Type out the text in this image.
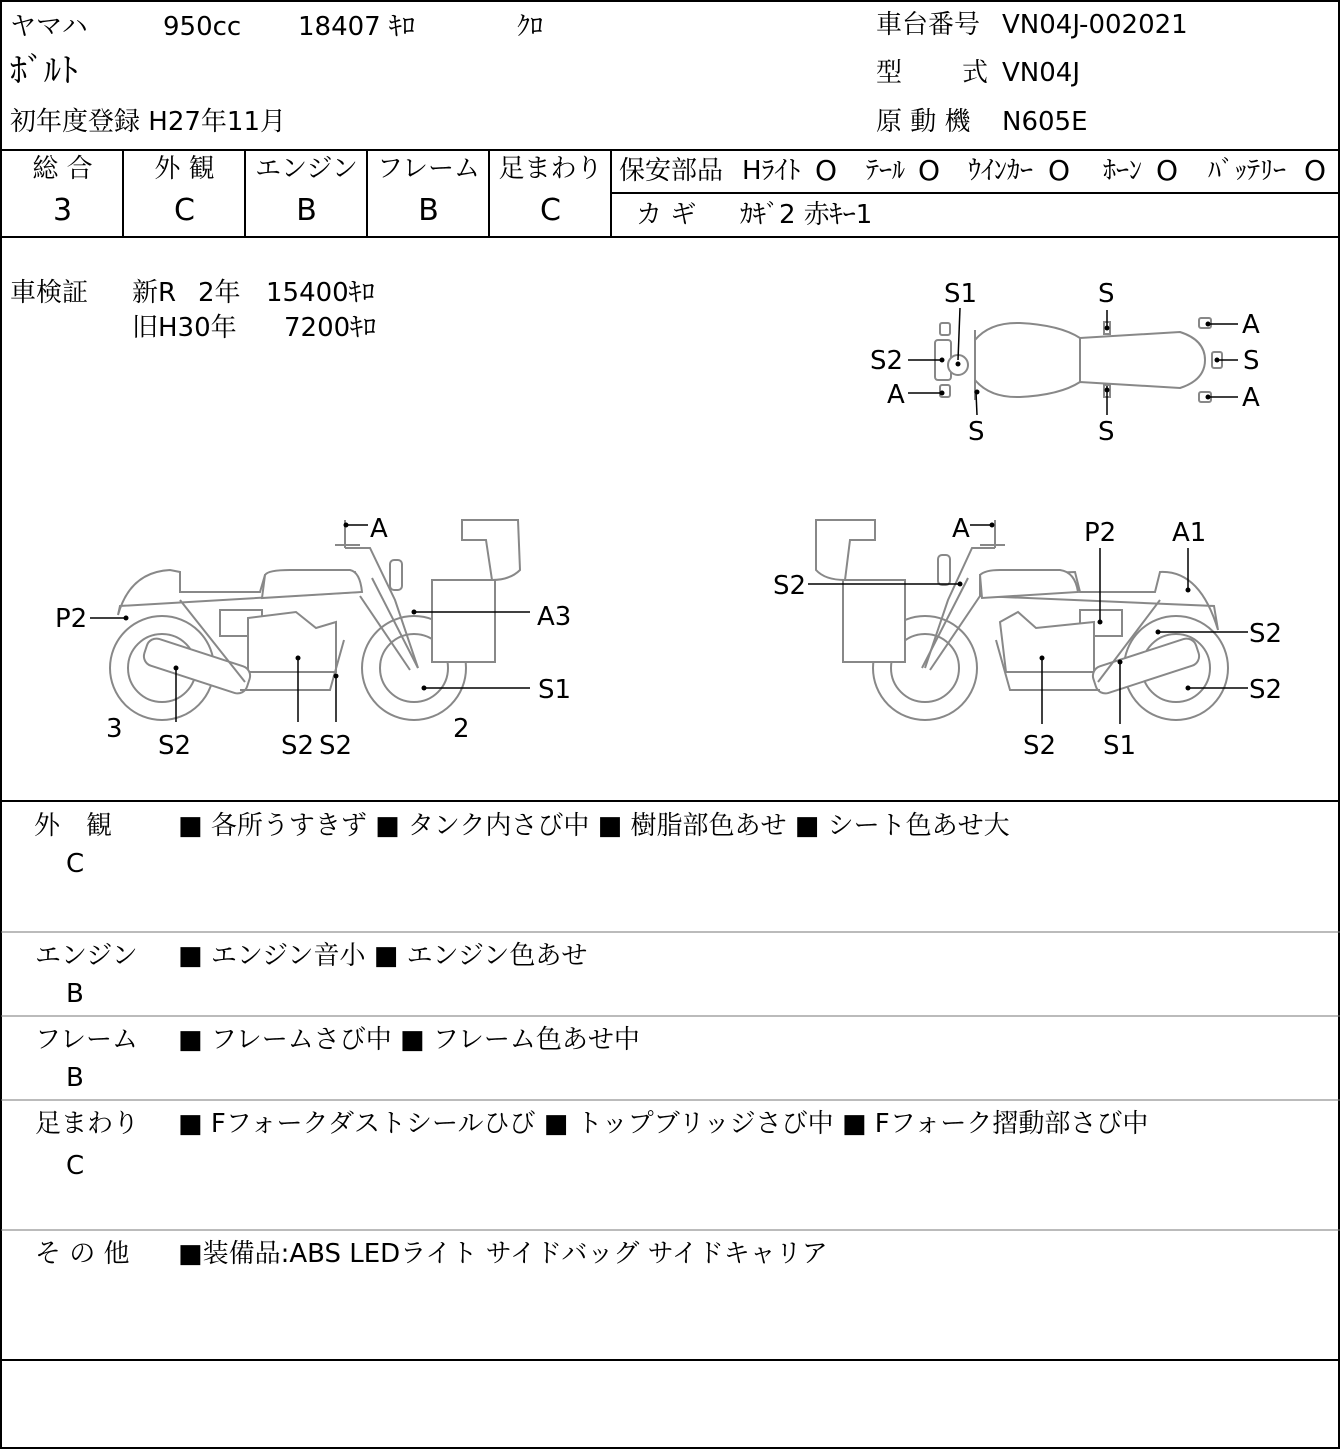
ヤマハ	950cc 18407 ｷﾛ	ｸﾛ
ﾎﾞﾙﾄ
初年度登録 H27年11月
車台番号 VN04J-002021
型 式 VN04J
原 動 機 N605E
総 合
3
外 観
C
エンジン
B
フレーム
B
足まわり
C
保安部品 Hﾗｲﾄ O ﾃｰﾙ O ｳｲﾝｶｰ O ﾎｰﾝ O ﾊﾞｯﾃﾘｰ O
カ ギ ｶｷﾞ2 赤ｷｰ1
車検証 新R 2年 15400ｷﾛ
旧H30年 7200ｷﾛ
S1	S
S2
A
S	S
A
S
A
A
P2	A3
S1
3
S2	S2 S2
2
A	P2 A1
S2
S2
S2
S2 S1
外　観
C
■ 各所うすきず ■ タンク内さび中 ■ 樹脂部色あせ ■ シート色あせ大
エンジン
B
■ エンジン音小 ■ エンジン色あせ
フレーム
B
■ フレームさび中 ■ フレーム色あせ中
足まわり
C
■ Fフォークダストシールひび ■ トップブリッジさび中 ■ Fフォーク摺動部さび中
そ の 他 ■装備品:ABS LEDライト サイドバッグ サイドキャリア
